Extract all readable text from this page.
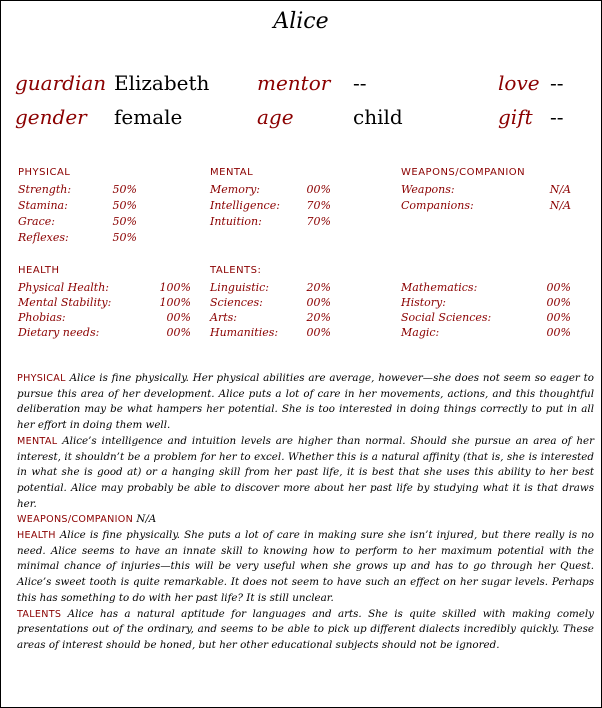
Alice
guardian Elizabeth mentor --	love --
gender female	age	child	gift --
PHYSICAL
Strength:	50%
Stamina:	50%
Grace:	50%
Reflexes:	50%
MENTAL
Memory:	00%
Intelligence:	70%
Intuition:	70%
WEAPONS/COMPANION
Weapons:	N/A
Companions:	N/A
HEALTH
Physical Health:	100%
Mental Stability:	100%
Phobias:	00%
Dietary needs:	00%
TALENTS:
Linguistic:	20%
Sciences:	00%
Arts:	20%
Humanities:	00%
Mathematics:	00%
History:	00%
Social Sciences:	00%
Magic:	00%

PHYSICAL Alice is fine physically. Her physical abilities are average, however—she does not seem so eager to pursue this area of her development. Alice puts a lot of care in her movements, actions, and this thoughtful deliberation may be what hampers her potential. She is too interested in doing things correctly to put in all her effort in doing them well.

MENTAL Alice’s intelligence and intuition levels are higher than normal. Should she pursue an area of her interest, it shouldn’t be a problem for her to excel. Whether this is a natural affinity (that is, she is interested in what she is good at) or a hanging skill from her past life, it is best that she uses this ability to her best potential. Alice may probably be able to discover more about her past life by studying what it is that draws her.

WEAPONS/COMPANION N/A

HEALTH Alice is fine physically. She puts a lot of care in making sure she isn’t injured, but there really is no need. Alice seems to have an innate skill to knowing how to perform to her maximum potential with the minimal chance of injuries—this will be very useful when she grows up and has to go through her Quest. Alice’s sweet tooth is quite remarkable. It does not seem to have such an effect on her sugar levels. Perhaps this has something to do with her past life? It is still unclear.

TALENTS Alice has a natural aptitude for languages and arts. She is quite skilled with making comely presentations out of the ordinary, and seems to be able to pick up different dialects incredibly quickly. These areas of interest should be honed, but her other educational subjects should not be ignored.
